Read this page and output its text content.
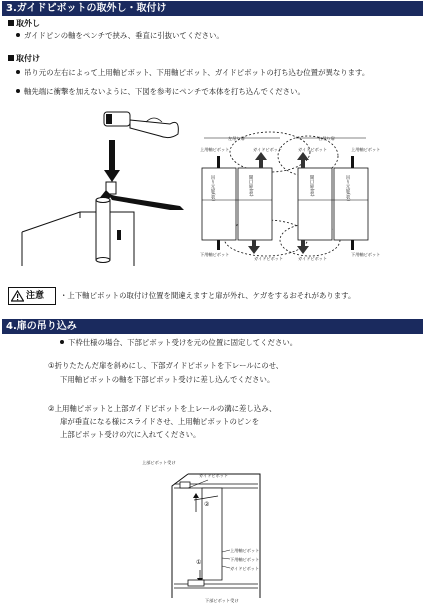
3.ガイドピボットの取外し・取付け
取外し
ガイドピンの軸をペンチで挟み、垂直に引抜いてください。
取付け
吊り元の左右によって上用軸ピボット、下用軸ピボット、ガイドピボットの打ち込む位置が異なります。
軸先端に衝撃を加えないように、下図を参考にペンチで本体を打ち込んでください。
左吊り扉	右吊り扉
上用軸ピボット	ガイドピボット	ガイドピボット	上用軸ピボット
吊り元扉(表)	開口扉(表)	開口扉(表)	吊り元扉(表)
下用軸ピボット
ガイドピボット	ガイドピボット
下用軸ピボット
注意	・上下軸ピボットの取付け位置を間違えますと扉が外れ、ケガをするおそれがあります。
4.扉の吊り込み
下枠仕様の場合、下部ピボット受けを元の位置に固定してください。
①折りたたんだ扉を斜めにし、下部ガイドピボットを下レールにのせ、
下用軸ピボットの軸を下部ピボット受けに差し込んでください。
②上用軸ピボットと上部ガイドピボットを上レールの溝に差し込み、
扉が垂直になる様にスライドさせ、上用軸ピボットのピンを
上部ピボット受けの穴に入れてください。
上部ピボット受け
ガイドピボット
上用軸ピボット
下用軸ピボット
ガイドピボット
下部ピボット受け
②
①
